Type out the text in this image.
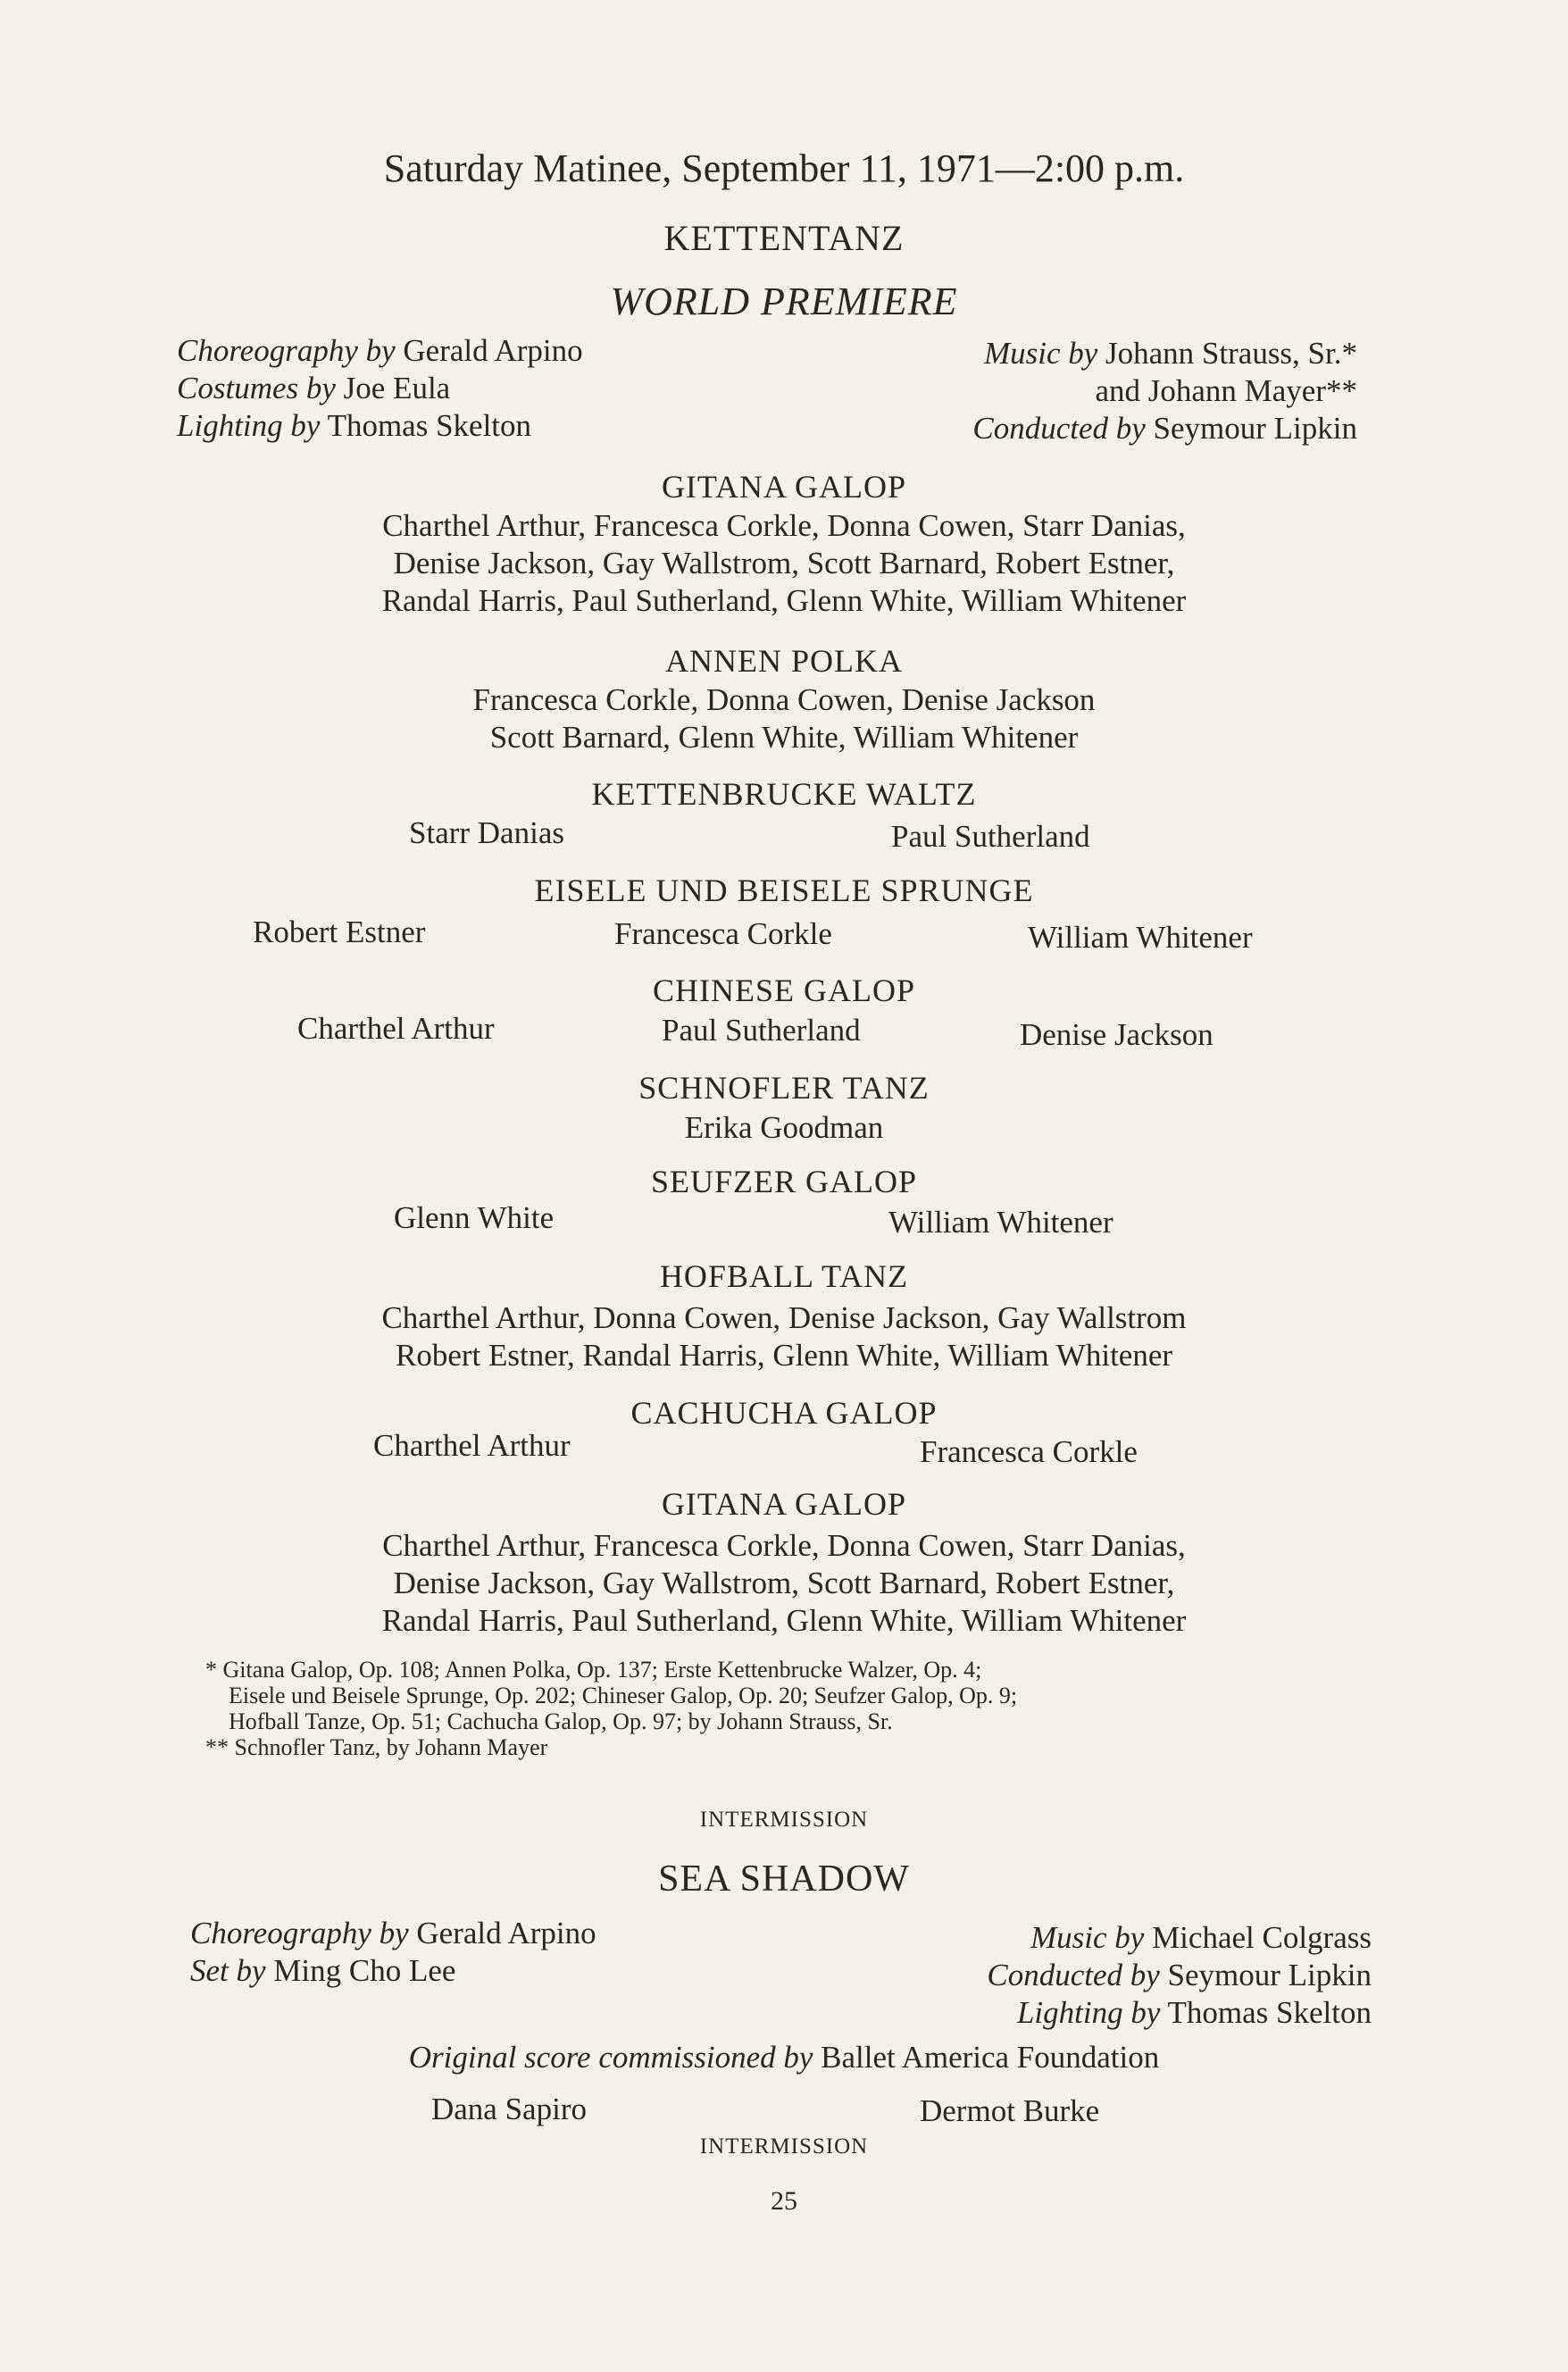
Saturday Matinee, September 11, 1971—2:00 p.m.
KETTENTANZ
WORLD PREMIERE
Choreography by Gerald Arpino
Costumes by Joe Eula
Lighting by Thomas Skelton
Music by Johann Strauss, Sr.*
and Johann Mayer**
Conducted by Seymour Lipkin
GITANA GALOP
Charthel Arthur, Francesca Corkle, Donna Cowen, Starr Danias,
Denise Jackson, Gay Wallstrom, Scott Barnard, Robert Estner,
Randal Harris, Paul Sutherland, Glenn White, William Whitener
ANNEN POLKA
Francesca Corkle, Donna Cowen, Denise Jackson
Scott Barnard, Glenn White, William Whitener
KETTENBRUCKE WALTZ
Starr Danias	Paul Sutherland
EISELE UND BEISELE SPRUNGE
Robert Estner	Francesca Corkle	William Whitener
CHINESE GALOP
Charthel Arthur	Paul Sutherland	Denise Jackson
SCHNOFLER TANZ
Erika Goodman
SEUFZER GALOP
Glenn White	William Whitener
HOFBALL TANZ
Charthel Arthur, Donna Cowen, Denise Jackson, Gay Wallstrom
Robert Estner, Randal Harris, Glenn White, William Whitener
CACHUCHA GALOP
Charthel Arthur	Francesca Corkle
GITANA GALOP
Charthel Arthur, Francesca Corkle, Donna Cowen, Starr Danias,
Denise Jackson, Gay Wallstrom, Scott Barnard, Robert Estner,
Randal Harris, Paul Sutherland, Glenn White, William Whitener
* Gitana Galop, Op. 108; Annen Polka, Op. 137; Erste Kettenbrucke Walzer, Op. 4;
Eisele und Beisele Sprunge, Op. 202; Chineser Galop, Op. 20; Seufzer Galop, Op. 9;
Hofball Tanze, Op. 51; Cachucha Galop, Op. 97; by Johann Strauss, Sr.
** Schnofler Tanz, by Johann Mayer
INTERMISSION
SEA SHADOW
Choreography by Gerald Arpino
Set by Ming Cho Lee
Music by Michael Colgrass
Conducted by Seymour Lipkin
Lighting by Thomas Skelton
Original score commissioned by Ballet America Foundation
Dana Sapiro	Dermot Burke
INTERMISSION
25
